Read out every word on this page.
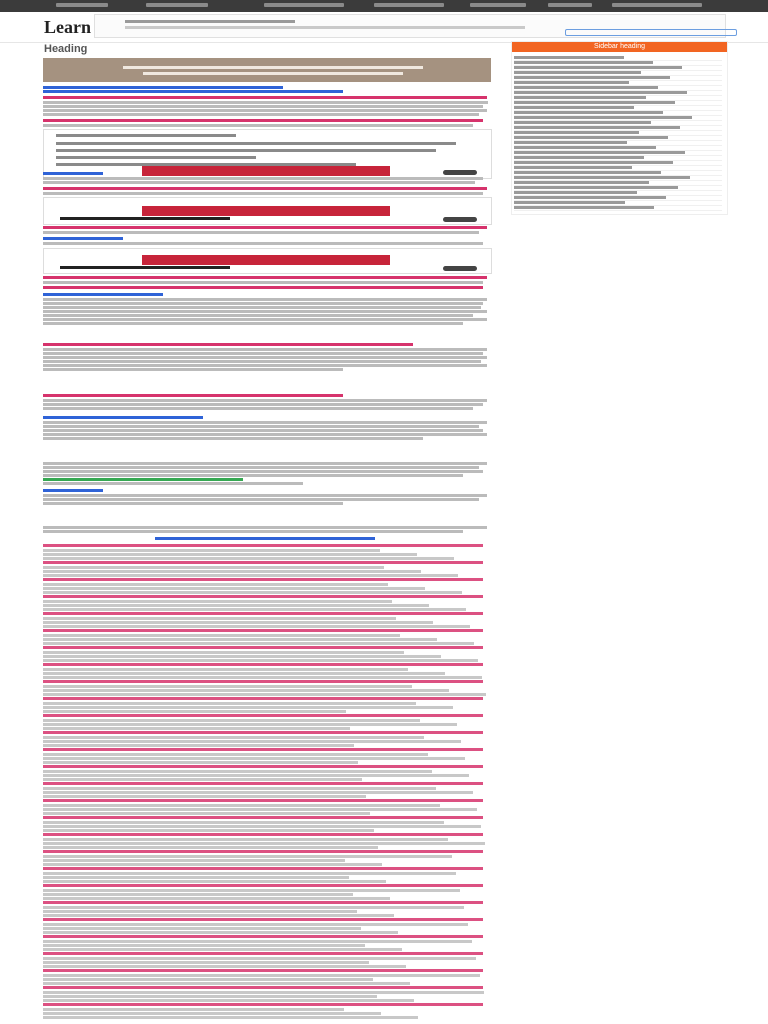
Learn
Heading	Sidebar heading
